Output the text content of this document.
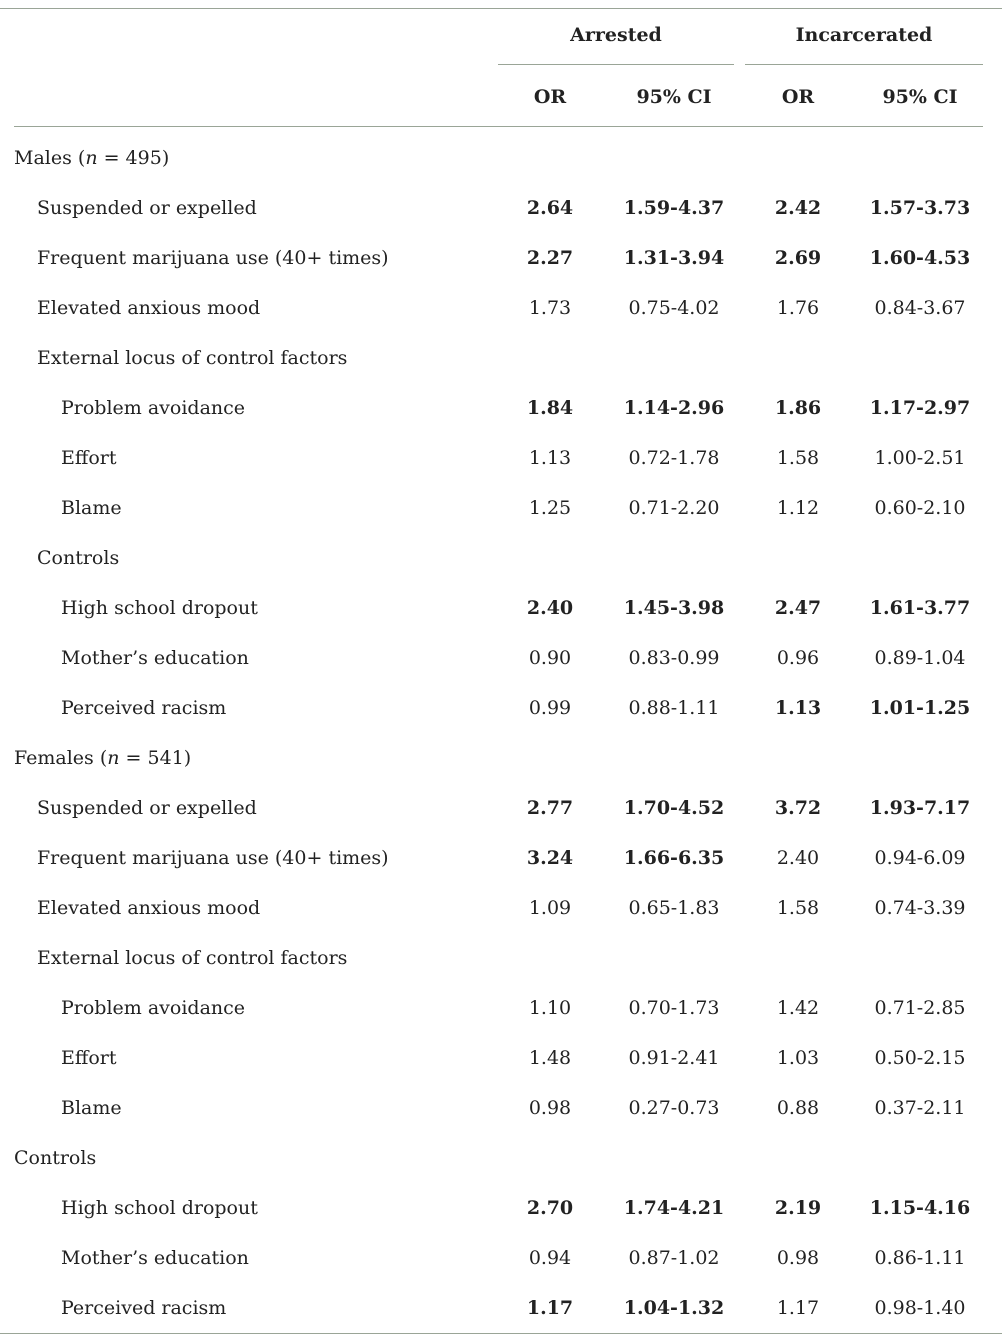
Arrested	Incarcerated
OR	95% CI	OR	95% CI
Males (n = 495)
Suspended or expelled	2.64	1.59-4.37	2.42	1.57-3.73
Frequent marijuana use (40+ times)	2.27	1.31-3.94	2.69	1.60-4.53
Elevated anxious mood	1.73	0.75-4.02	1.76	0.84-3.67
External locus of control factors
Problem avoidance	1.84	1.14-2.96	1.86	1.17-2.97
Effort	1.13	0.72-1.78	1.58	1.00-2.51
Blame	1.25	0.71-2.20	1.12	0.60-2.10
Controls
High school dropout	2.40	1.45-3.98	2.47	1.61-3.77
Mother’s education	0.90	0.83-0.99	0.96	0.89-1.04
Perceived racism	0.99	0.88-1.11	1.13	1.01-1.25
Females (n = 541)
Suspended or expelled	2.77	1.70-4.52	3.72	1.93-7.17
Frequent marijuana use (40+ times)	3.24	1.66-6.35	2.40	0.94-6.09
Elevated anxious mood	1.09	0.65-1.83	1.58	0.74-3.39
External locus of control factors
Problem avoidance	1.10	0.70-1.73	1.42	0.71-2.85
Effort	1.48	0.91-2.41	1.03	0.50-2.15
Blame	0.98	0.27-0.73	0.88	0.37-2.11
Controls
High school dropout	2.70	1.74-4.21	2.19	1.15-4.16
Mother’s education	0.94	0.87-1.02	0.98	0.86-1.11
Perceived racism	1.17	1.04-1.32	1.17	0.98-1.40
